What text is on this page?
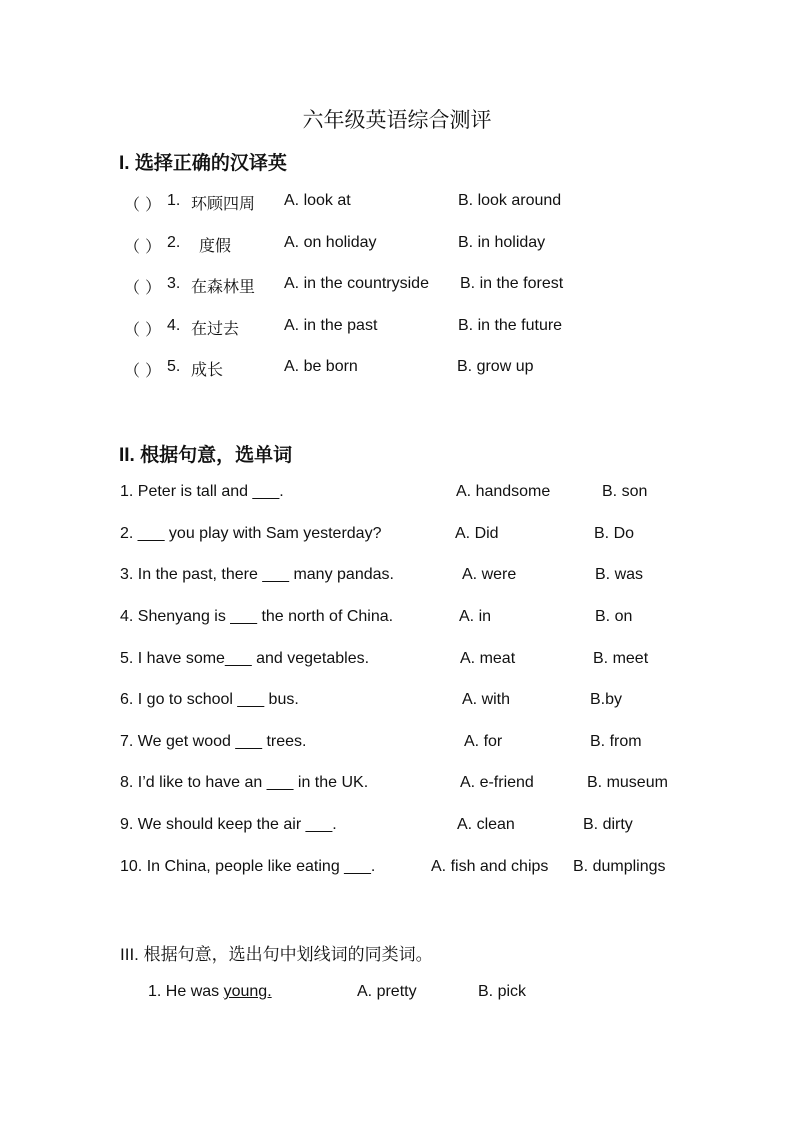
六年级英语综合测评
I. 选择正确的汉译英
（ ） 1. 环顾四周 A. look at	B. look around
（ ） 2. 度假	A. on holiday	B. in holiday
（ ） 3. 在森林里 A. in the countryside B. in the forest
（ ） 4. 在过去	A. in the past	B. in the future
（ ） 5. 成长	A. be born	B. grow up
II. 根据句意，选单词
1. Peter is tall and ___.	A. handsome	B. son
2. ___ you play with Sam yesterday?	A. Did	B. Do
3. In the past, there ___ many pandas.	A. were	B. was
4. Shenyang is ___ the north of China.	A. in	B. on
5. I have some___ and vegetables.	A. meat	B. meet
6. I go to school ___ bus.	A. with	B.by
7. We get wood ___ trees.	A. for	B. from
8. I’d like to have an ___ in the UK.	A. e-friend	B. museum
9. We should keep the air ___.	A. clean	B. dirty
10. In China, people like eating ___.	A. fish and chips B. dumplings
III. 根据句意，选出句中划线词的同类词。
1. He was young.	A. pretty	B. pick
